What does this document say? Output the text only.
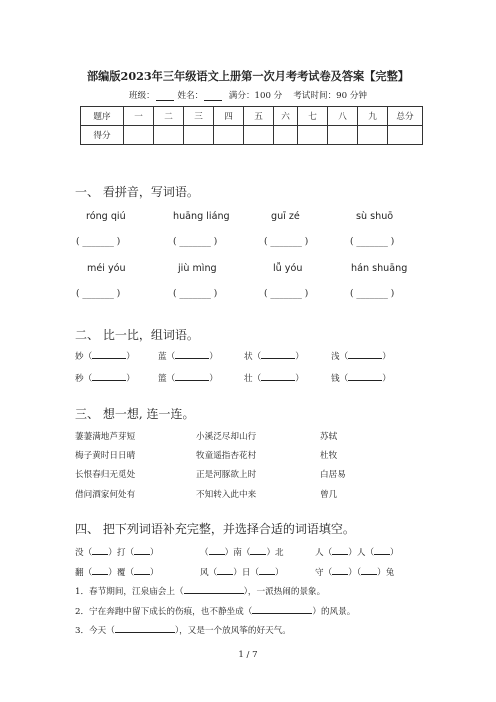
部编版2023年三年级语文上册第一次月考考试卷及答案【完整】
班级：	姓名：	满分：100 分 考试时间：90 分钟
题序	一	二	三	四	五	六	七	八	九	总分
得分										
一、 看拼音，写词语。
róng qiú	huāng liáng	guī zé	sù shuō
( _______ )	( _______ )	( _______ )	( _______ )
méi yóu	jiù mìng	lǚ yóu	hán shuāng
( _______ )	( _______ )	( _______ )	( _______ )
二、 比一比，组词语。
妙（	）	蓝（	）	状（	）	浅（	）
秒（	）	篮（	）	壮（	）	钱（	）
三、 想一想, 连一连。
萋萋满地芦芽短	小溪泛尽却山行	苏轼
梅子黄时日日晴	牧童遥指杏花村	杜牧
长恨春归无觅处	正是河豚欲上时	白居易
借问酒家何处有	不知转入此中来	曾几
四、 把下列词语补充完整，并选择合适的词语填空。
没（ ）打（ ）	（ ）南（ ）北	人（ ）人（ ）
翻（ ）覆（ ）	风（ ）日（ ）	守（ ）（ ）兔
1．春节期间，江泉庙会上（	），一派热闹的景象。
2．宁在奔跑中留下成长的伤痕，也不静坐成（	）的风景。
3．今天（	），又是一个放风筝的好天气。
1 / 7
